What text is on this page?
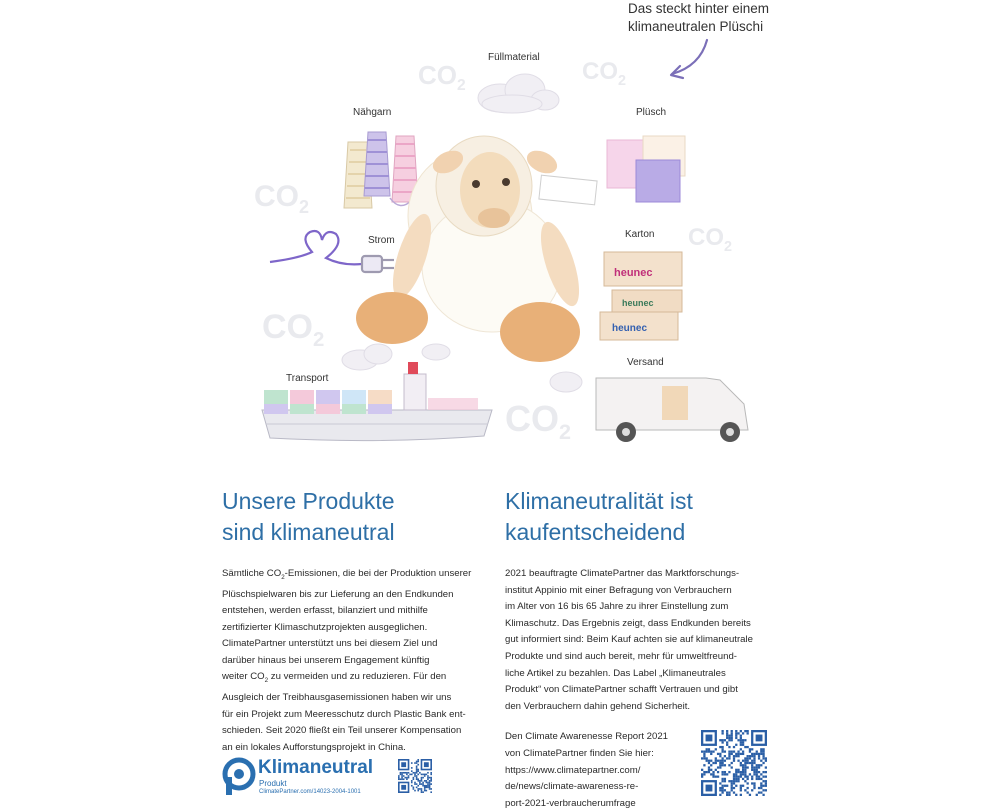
Das steckt hinter einem
klimaneutralen Plüschi
$CO_2$
$CO_2$
$CO_2$
$CO_2$
$CO_2$
$CO_2$
Füllmaterial
Nähgarn	Plüsch
Strom
Karton
Transport
Versand
heunec
heunec
heunec
Unsere Produkte
sind klimaneutral
Sämtliche $CO_2$-Emissionen, die bei der Produktion unserer
Plüschspielwaren bis zur Lieferung an den Endkunden
entstehen, werden erfasst, bilanziert und mithilfe
zertifizierter Klimaschutzprojekten ausgeglichen.
ClimatePartner unterstützt uns bei diesem Ziel und
darüber hinaus bei unserem Engagement künftig
weiter $CO_2$ zu vermeiden und zu reduzieren. Für den
Ausgleich der Treibhausgasemissionen haben wir uns
für ein Projekt zum Meeresschutz durch Plastic Bank ent-
schieden. Seit 2020 fließt ein Teil unserer Kompensation
an ein lokales Aufforstungsprojekt in China.
Klimaneutral
Produkt
ClimatePartner.com/14023-2004-1001
Klimaneutralität ist
kaufentscheidend
2021 beauftragte ClimatePartner das Marktforschungs-
institut Appinio mit einer Befragung von Verbrauchern
im Alter von 16 bis 65 Jahre zu ihrer Einstellung zum
Klimaschutz. Das Ergebnis zeigt, dass Endkunden bereits
gut informiert sind: Beim Kauf achten sie auf klimaneutrale
Produkte und sind auch bereit, mehr für umweltfreund-
liche Artikel zu bezahlen. Das Label „Klimaneutrales
Produkt“ von ClimatePartner schafft Vertrauen und gibt
den Verbrauchern dahin gehend Sicherheit.
Den Climate Awarenesse Report 2021
von ClimatePartner finden Sie hier:
https://www.climatepartner.com/
de/news/climate-awareness-re-
port-2021-verbraucherumfrage
